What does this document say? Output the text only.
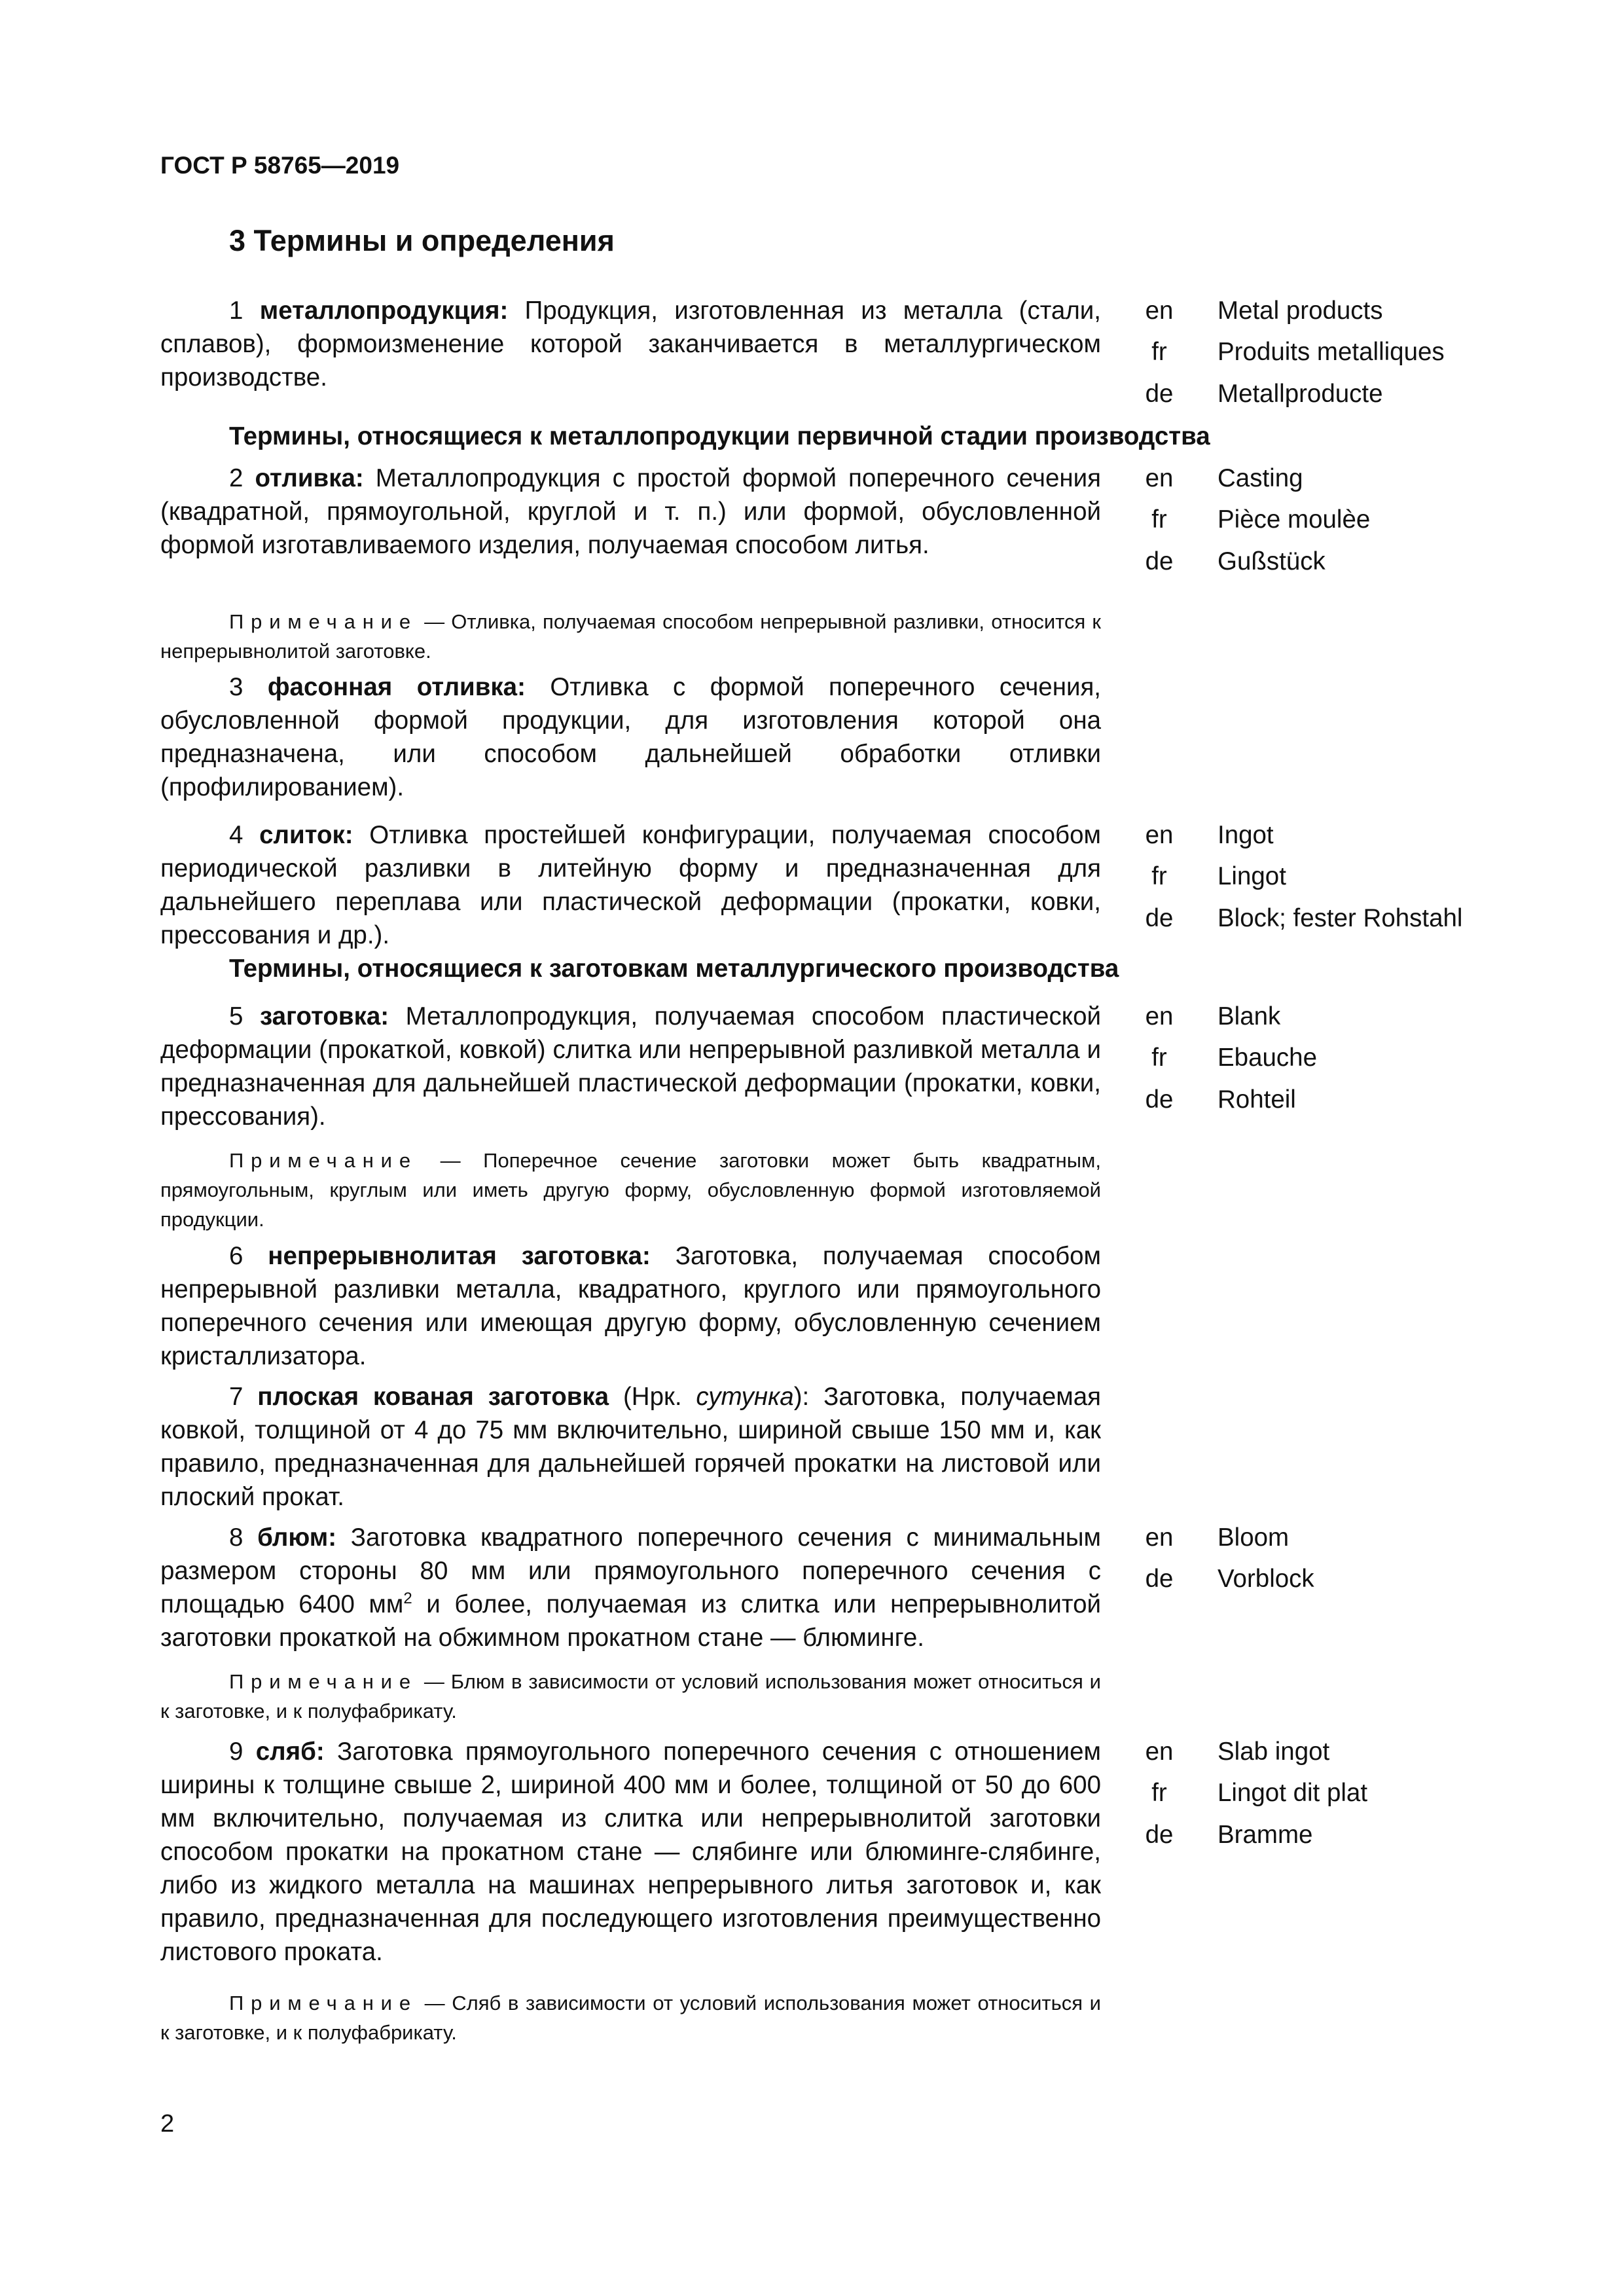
ГОСТ Р 58765—2019
3 Термины и определения
1 металлопродукция: Продукция, изготовленная из металла (стали, сплавов), формоизменение которой заканчивается в металлургическом производстве.
en	Metal products
fr	Produits metalliques
de	Metallproducte
Термины, относящиеся к металлопродукции первичной стадии производства
2 отливка: Металлопродукция с простой формой поперечного сечения (квадратной, прямоугольной, круглой и т. п.) или формой, обусловленной формой изготавливаемого изделия, получаемая способом литья.
en	Casting
fr	Pièce moulèe
de	Gußstück
Примечание — Отливка, получаемая способом непрерывной разливки, относится к непрерывнолитой заготовке.
3 фасонная отливка: Отливка с формой поперечного сечения, обусловленной формой продукции, для изготовления которой она предназначена, или способом дальнейшей обработки отливки (профилированием).
4 слиток: Отливка простейшей конфигурации, получаемая способом периодической разливки в литейную форму и предназначенная для дальнейшего переплава или пластической деформации (прокатки, ковки, прессования и др.).
en	Ingot
fr	Lingot
de	Block; fester Rohstahl
Термины, относящиеся к заготовкам металлургического производства
5 заготовка: Металлопродукция, получаемая способом пластической деформации (прокаткой, ковкой) слитка или непрерывной разливкой металла и предназначенная для дальнейшей пластической деформации (прокатки, ковки, прессования).
en	Blank
fr	Ebauche
de	Rohteil
Примечание — Поперечное сечение заготовки может быть квадратным, прямоугольным, круглым или иметь другую форму, обусловленную формой изготовляемой продукции.
6 непрерывнолитая заготовка: Заготовка, получаемая способом непрерывной разливки металла, квадратного, круглого или прямоугольного поперечного сечения или имеющая другую форму, обусловленную сечением кристаллизатора.
7 плоская кованая заготовка (Нрк. сутунка): Заготовка, получаемая ковкой, толщиной от 4 до 75 мм включительно, шириной свыше 150 мм и, как правило, предназначенная для дальнейшей горячей прокатки на листовой или плоский прокат.
8 блюм: Заготовка квадратного поперечного сечения с минимальным размером стороны 80 мм или прямоугольного поперечного сечения с площадью 6400 $мм^2$ и более, получаемая из слитка или непрерывнолитой заготовки прокаткой на обжимном прокатном стане — блюминге.
en	Bloom
de	Vorblock
Примечание — Блюм в зависимости от условий использования может относиться и к заготовке, и к полуфабрикату.
9 сляб: Заготовка прямоугольного поперечного сечения с отношением ширины к толщине свыше 2, шириной 400 мм и более, толщиной от 50 до 600 мм включительно, получаемая из слитка или непрерывнолитой заготовки способом прокатки на прокатном стане — слябинге или блюминге-слябинге, либо из жидкого металла на машинах непрерывного литья заготовок и, как правило, предназначенная для последующего изготовления преимущественно листового проката.
en	Slab ingot
fr	Lingot dit plat
de	Bramme
Примечание — Сляб в зависимости от условий использования может относиться и к заготовке, и к полуфабрикату.
2
